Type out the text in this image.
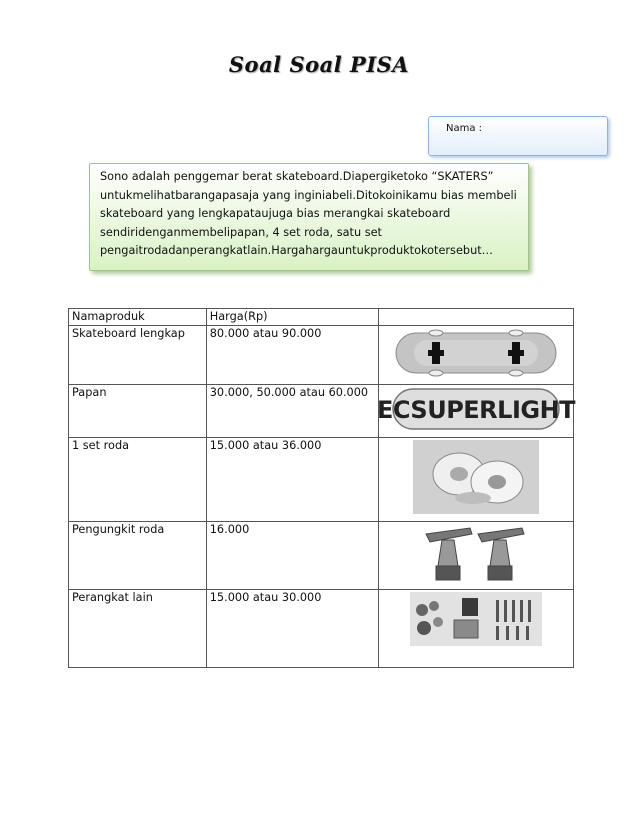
Soal Soal PISA
Nama :
Sono adalah penggemar berat skateboard.Diapergiketoko “SKATERS” untukmelihatbarangapasaja yang inginiabeli.Ditokoinikamu bias membeli skateboard yang lengkapataujuga bias merangkai skateboard sendiridenganmembelipapan, 4 set roda, satu set pengaitrodadanperangkatlain.Hargahargauntukproduktokotersebut…
Namaproduk	Harga(Rp)	
Skateboard lengkap	80.000 atau 90.000	
Papan	30.000, 50.000 atau 60.000	ECSUPERLIGHT

1 set roda	15.000 atau 36.000	
Pengungkit roda	16.000	
Perangkat lain	15.000 atau 30.000	
